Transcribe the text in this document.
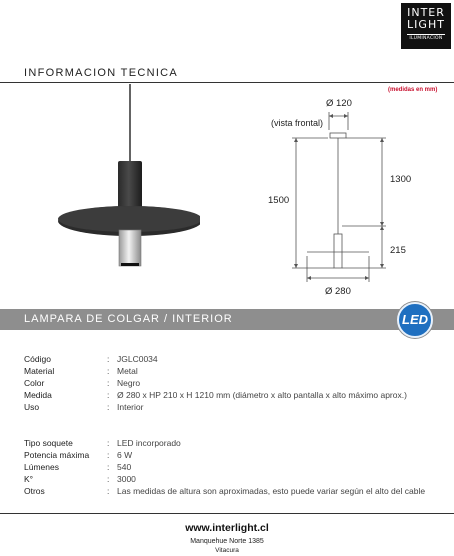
INTER
LIGHT
ILUMINACION
INFORMACION TECNICA
(medidas en mm)
(vista frontal)
Ø 120
1500
1300
215
Ø 280
LAMPARA DE COLGAR / INTERIOR	LED
Código	: JGLC0034
Material	: Metal
Color	: Negro
Medida	: Ø 280 x HP 210 x H 1210 mm (diámetro x alto pantalla x alto máximo aprox.)
Uso	: Interior
Tipo soquete	: LED incorporado
Potencia máxima	: 6 W
Lúmenes	: 540
K°	: 3000
Otros	: Las medidas de altura son aproximadas, esto puede variar según el alto del cable
www.interlight.cl
Manquehue Norte 1385
Vitacura
